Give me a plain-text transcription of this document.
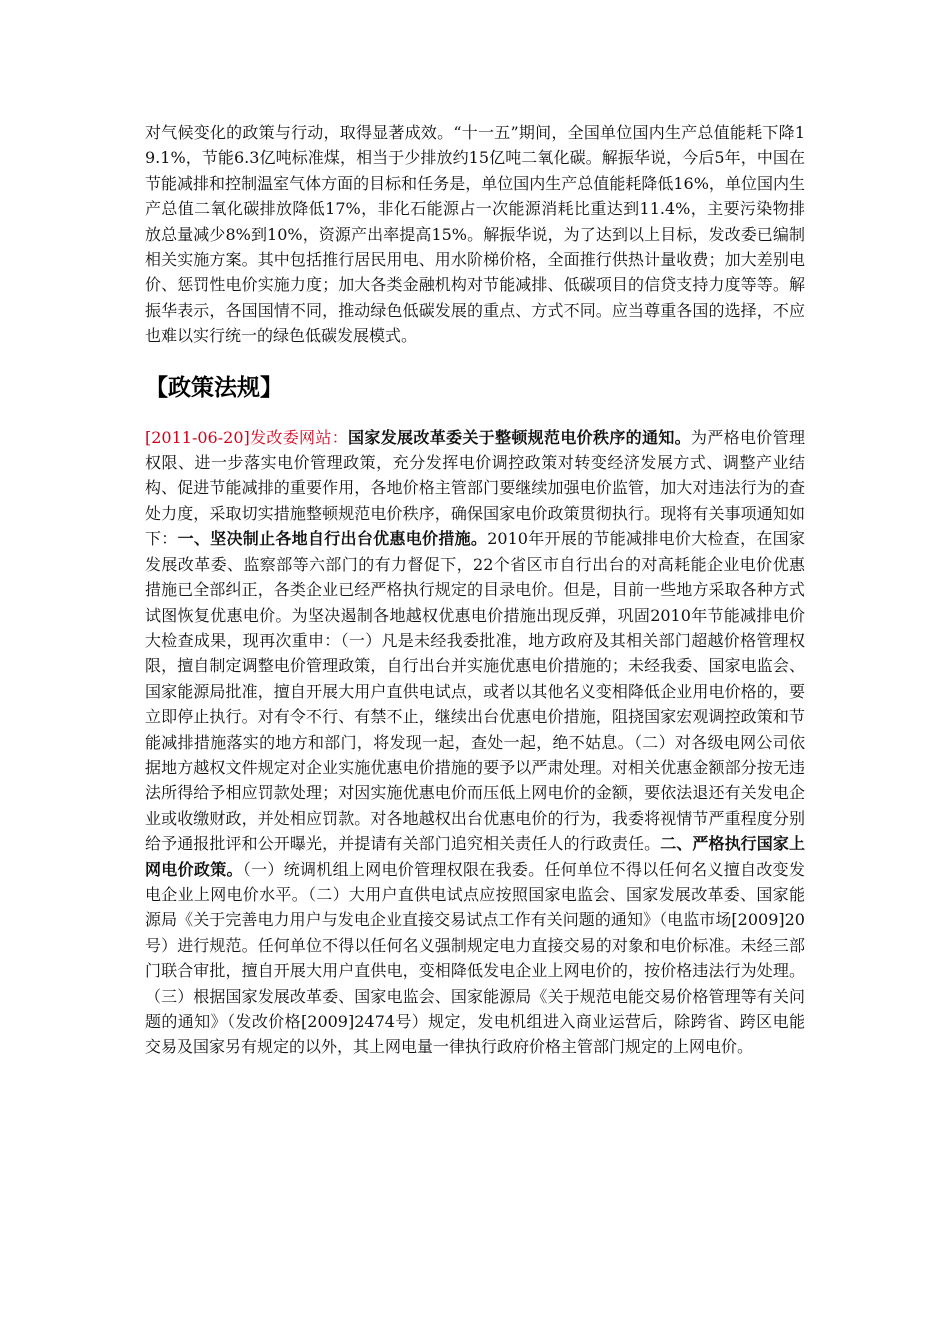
对气候变化的政策与行动，取得显著成效。“十一五”期间，全国单位国内生产总值能耗下降19.1%，节能6.3亿吨标准煤，相当于少排放约15亿吨二氧化碳。解振华说，今后5年，中国在节能减排和控制温室气体方面的目标和任务是，单位国内生产总值能耗降低16%，单位国内生产总值二氧化碳排放降低17%，非化石能源占一次能源消耗比重达到11.4%，主要污染物排放总量减少8%到10%，资源产出率提高15%。解振华说，为了达到以上目标，发改委已编制相关实施方案。其中包括推行居民用电、用水阶梯价格，全面推行供热计量收费；加大差别电价、惩罚性电价实施力度；加大各类金融机构对节能减排、低碳项目的信贷支持力度等等。解振华表示，各国国情不同，推动绿色低碳发展的重点、方式不同。应当尊重各国的选择，不应也难以实行统一的绿色低碳发展模式。

【政策法规】

[2011-06-20]发改委网站：国家发展改革委关于整顿规范电价秩序的通知。为严格电价管理权限、进一步落实电价管理政策，充分发挥电价调控政策对转变经济发展方式、调整产业结构、促进节能减排的重要作用，各地价格主管部门要继续加强电价监管，加大对违法行为的查处力度，采取切实措施整顿规范电价秩序，确保国家电价政策贯彻执行。现将有关事项通知如下：一、坚决制止各地自行出台优惠电价措施。2010年开展的节能减排电价大检查，在国家发展改革委、监察部等六部门的有力督促下，22个省区市自行出台的对高耗能企业电价优惠措施已全部纠正，各类企业已经严格执行规定的目录电价。但是，目前一些地方采取各种方式试图恢复优惠电价。为坚决遏制各地越权优惠电价措施出现反弹，巩固2010年节能减排电价大检查成果，现再次重申：（一）凡是未经我委批准，地方政府及其相关部门超越价格管理权限，擅自制定调整电价管理政策，自行出台并实施优惠电价措施的；未经我委、国家电监会、国家能源局批准，擅自开展大用户直供电试点，或者以其他名义变相降低企业用电价格的，要立即停止执行。对有令不行、有禁不止，继续出台优惠电价措施，阻挠国家宏观调控政策和节能减排措施落实的地方和部门，将发现一起，查处一起，绝不姑息。（二）对各级电网公司依据地方越权文件规定对企业实施优惠电价措施的要予以严肃处理。对相关优惠金额部分按无违法所得给予相应罚款处理；对因实施优惠电价而压低上网电价的金额，要依法退还有关发电企业或收缴财政，并处相应罚款。对各地越权出台优惠电价的行为，我委将视情节严重程度分别给予通报批评和公开曝光，并提请有关部门追究相关责任人的行政责任。二、严格执行国家上网电价政策。（一）统调机组上网电价管理权限在我委。任何单位不得以任何名义擅自改变发电企业上网电价水平。（二）大用户直供电试点应按照国家电监会、国家发展改革委、国家能源局《关于完善电力用户与发电企业直接交易试点工作有关问题的通知》（电监市场[2009]20号）进行规范。任何单位不得以任何名义强制规定电力直接交易的对象和电价标准。未经三部门联合审批，擅自开展大用户直供电，变相降低发电企业上网电价的，按价格违法行为处理。（三）根据国家发展改革委、国家电监会、国家能源局《关于规范电能交易价格管理等有关问题的通知》（发改价格[2009]2474号）规定，发电机组进入商业运营后，除跨省、跨区电能交易及国家另有规定的以外，其上网电量一律执行政府价格主管部门规定的上网电价。
